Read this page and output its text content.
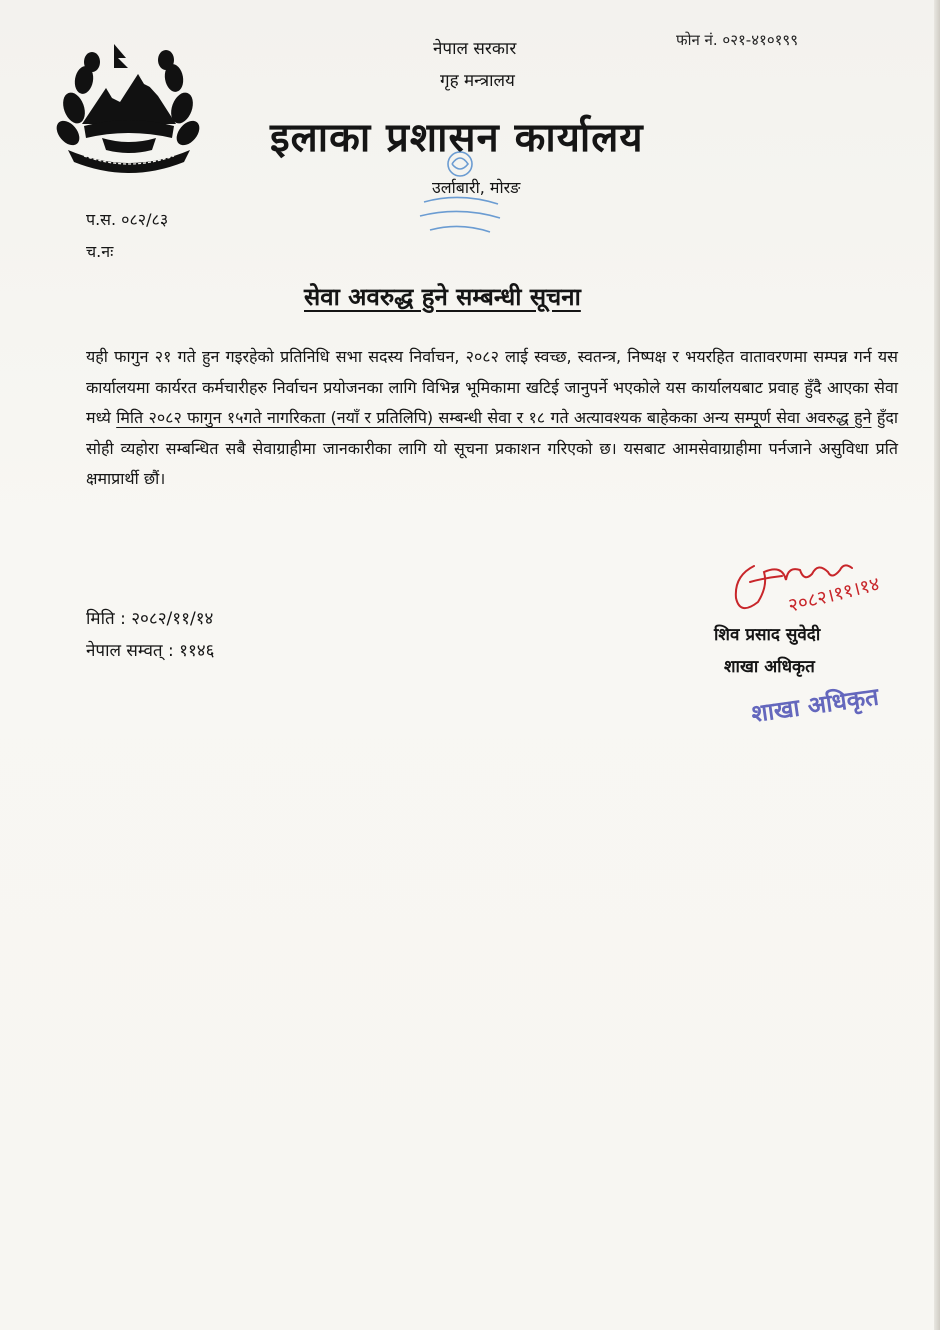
नेपाल सरकार
गृह मन्त्रालय
फोन नं. ०२१-४१०१९९
इलाका प्रशासन कार्यालय
उर्लाबारी, मोरङ
प.स. ०८२/८३
च.नः
सेवा अवरुद्ध हुने सम्बन्धी सूचना
यही फागुन २१ गते हुन गइरहेको प्रतिनिधि सभा सदस्य निर्वाचन, २०८२ लाई स्वच्छ, स्वतन्त्र, निष्पक्ष र भयरहित वातावरणमा सम्पन्न गर्न यस कार्यालयमा कार्यरत कर्मचारीहरु निर्वाचन प्रयोजनका लागि विभिन्न भूमिकामा खटिई जानुपर्ने भएकोले यस कार्यालयबाट प्रवाह हुँदै आएका सेवा मध्ये मिति २०८२ फागुन १५गते नागरिकता (नयाँ र प्रतिलिपि) सम्बन्धी सेवा र १८ गते अत्यावश्यक बाहेकका अन्य सम्पूर्ण सेवा अवरुद्ध हुने हुँदा सोही व्यहोरा सम्बन्धित सबै सेवाग्राहीमा जानकारीका लागि यो सूचना प्रकाशन गरिएको छ। यसबाट आमसेवाग्राहीमा पर्नजाने असुविधा प्रति क्षमाप्रार्थी छौं।
मिति : २०८२/११/१४
नेपाल सम्वत् : ११४६
२०८२।११।१४
शिव प्रसाद सुवेदी
शाखा अधिकृत
शाखा अधिकृत
